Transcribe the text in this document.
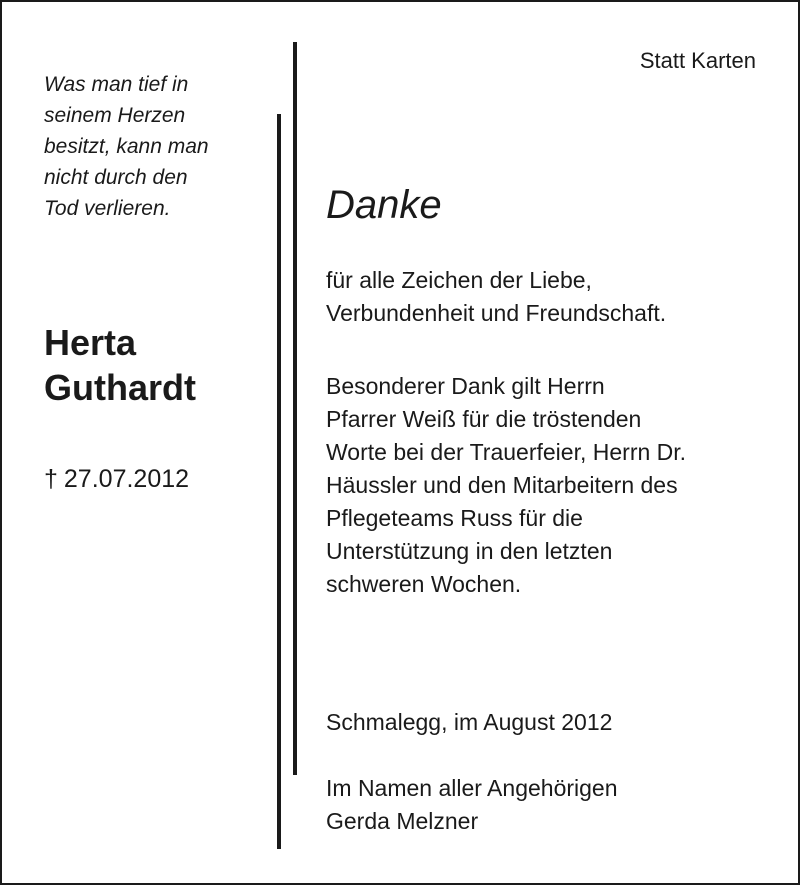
Was man tief in
seinem Herzen
besitzt, kann man
nicht durch den
Tod verlieren.
Herta
Guthardt
† 27.07.2012
Statt Karten
Danke
für alle Zeichen der Liebe,
Verbundenheit und Freundschaft.
Besonderer Dank gilt Herrn
Pfarrer Weiß für die tröstenden
Worte bei der Trauerfeier, Herrn Dr.
Häussler und den Mitarbeitern des
Pflegeteams Russ für die
Unterstützung in den letzten
schweren Wochen.
Schmalegg, im August 2012
Im Namen aller Angehörigen
Gerda Melzner
